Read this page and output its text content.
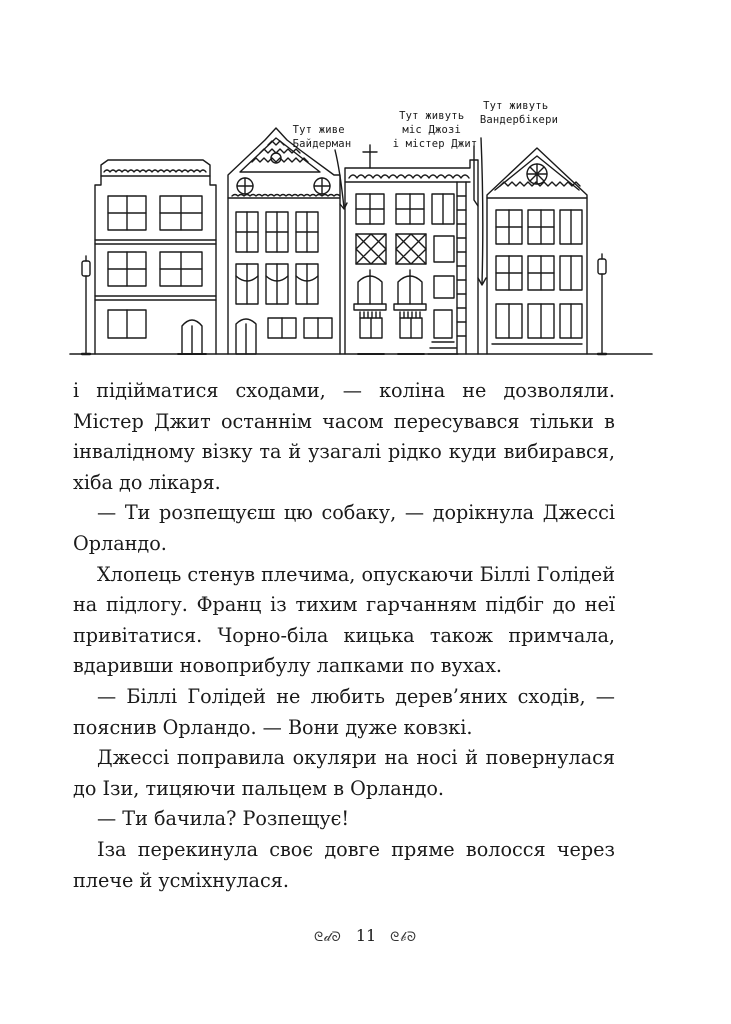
Тут живе Байдерман
Тут живуть міс Джозі і містер Джит
Тут живуть Вандербікери

і підійматися сходами, — коліна не дозволяли. Містер Джит останнім часом пересувався тільки в інвалідному візку та й узагалі рідко куди вибирався, хіба до лікаря.

— Ти розпещуєш цю собаку, — дорікнула Джессі Орландо.

Хлопець стенув плечима, опускаючи Біллі Голідей на підлогу. Франц із тихим гарчанням підбіг до неї привітатися. Чорно-біла кицька також примчала, вдаривши новоприбулу лапками по вухах.

— Біллі Голідей не любить дерев’яних сходів, — пояснив Орландо. — Вони дуже ковзкі.

Джессі поправила окуляри на носі й повернулася до Ізи, тицяючи пальцем в Орландо.

— Ти бачила? Розпещує!

Іза перекинула своє довге пряме волосся через плече й усміхнулася.

ᘓ𝒹ᘐ 11 ᘓ𝒷ᘐ
